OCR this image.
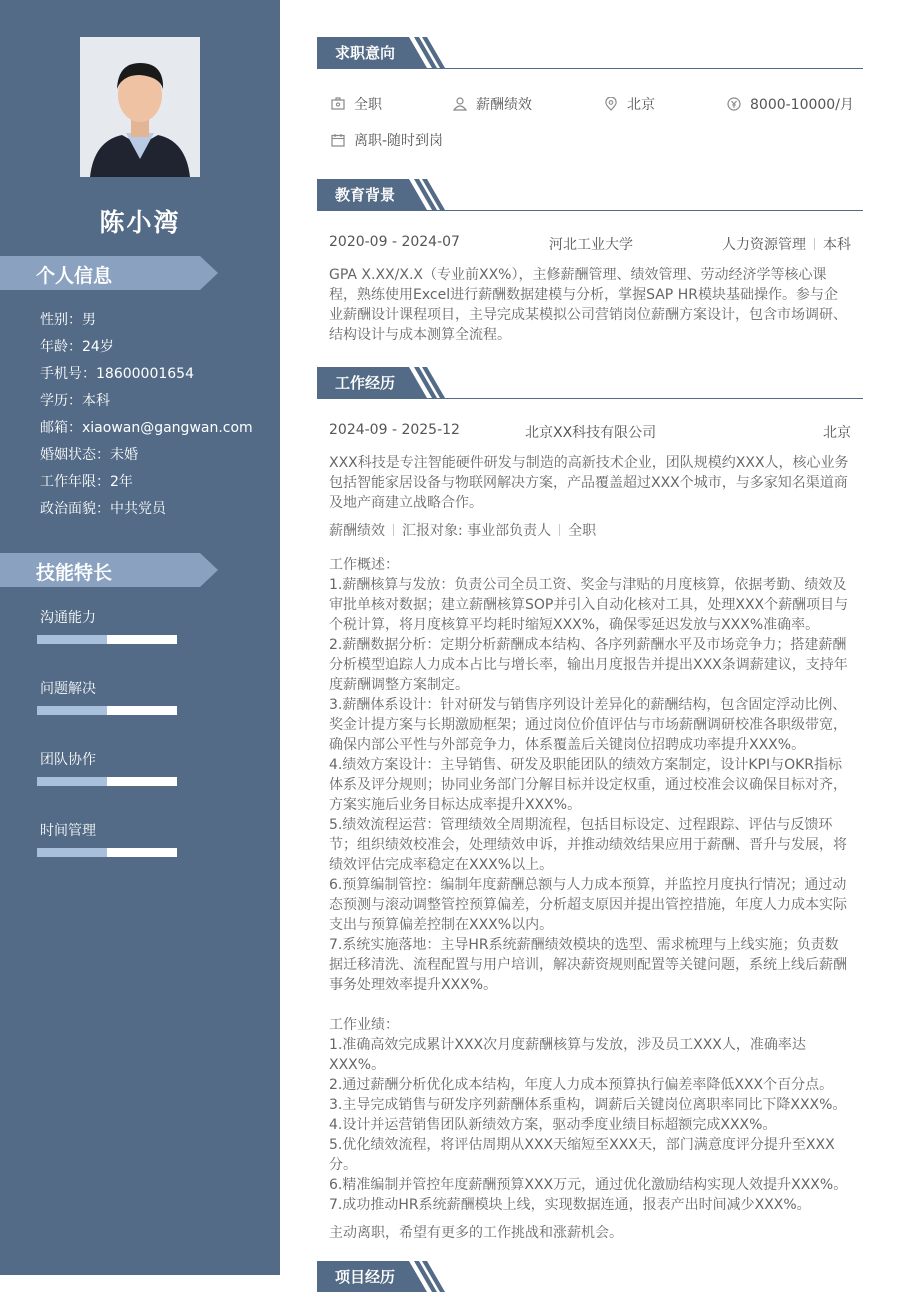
陈小湾
个人信息
性别：男
年龄：24岁
手机号：18600001654
学历：本科
邮箱：xiaowan@gangwan.com
婚姻状态：未婚
工作年限：2年
政治面貌：中共党员
技能特长
沟通能力
问题解决
团队协作
时间管理
求职意向
全职	薪酬绩效	北京	8000-10000/月
离职-随时到岗
教育背景
2020-09 - 2024-07	河北工业大学	人力资源管理 本科
GPA X.XX/X.X（专业前XX%），主修薪酬管理、绩效管理、劳动经济学等核心课程，熟练使用Excel进行薪酬数据建模与分析，掌握SAP HR模块基础操作。参与企业薪酬设计课程项目，主导完成某模拟公司营销岗位薪酬方案设计，包含市场调研、结构设计与成本测算全流程。
工作经历
2024-09 - 2025-12	北京XX科技有限公司	北京
XXX科技是专注智能硬件研发与制造的高新技术企业，团队规模约XXX人，核心业务包括智能家居设备与物联网解决方案，产品覆盖超过XXX个城市，与多家知名渠道商及地产商建立战略合作。
薪酬绩效 汇报对象: 事业部负责人 全职
工作概述：
1.薪酬核算与发放：负责公司全员工资、奖金与津贴的月度核算，依据考勤、绩效及审批单核对数据；建立薪酬核算SOP并引入自动化核对工具，处理XXX个薪酬项目与个税计算，将月度核算平均耗时缩短XXX%，确保零延迟发放与XXX%准确率。
2.薪酬数据分析：定期分析薪酬成本结构、各序列薪酬水平及市场竞争力；搭建薪酬分析模型追踪人力成本占比与增长率，输出月度报告并提出XXX条调薪建议，支持年度薪酬调整方案制定。
3.薪酬体系设计：针对研发与销售序列设计差异化的薪酬结构，包含固定浮动比例、奖金计提方案与长期激励框架；通过岗位价值评估与市场薪酬调研校准各职级带宽，确保内部公平性与外部竞争力，体系覆盖后关键岗位招聘成功率提升XXX%。
4.绩效方案设计：主导销售、研发及职能团队的绩效方案制定，设计KPI与OKR指标体系及评分规则；协同业务部门分解目标并设定权重，通过校准会议确保目标对齐，方案实施后业务目标达成率提升XXX%。
5.绩效流程运营：管理绩效全周期流程，包括目标设定、过程跟踪、评估与反馈环节；组织绩效校准会，处理绩效申诉，并推动绩效结果应用于薪酬、晋升与发展，将绩效评估完成率稳定在XXX%以上。
6.预算编制管控：编制年度薪酬总额与人力成本预算，并监控月度执行情况；通过动态预测与滚动调整管控预算偏差，分析超支原因并提出管控措施，年度人力成本实际支出与预算偏差控制在XXX%以内。
7.系统实施落地：主导HR系统薪酬绩效模块的选型、需求梳理与上线实施；负责数据迁移清洗、流程配置与用户培训，解决薪资规则配置等关键问题，系统上线后薪酬事务处理效率提升XXX%。
工作业绩：
1.准确高效完成累计XXX次月度薪酬核算与发放，涉及员工XXX人，准确率达XXX%。
2.通过薪酬分析优化成本结构，年度人力成本预算执行偏差率降低XXX个百分点。
3.主导完成销售与研发序列薪酬体系重构，调薪后关键岗位离职率同比下降XXX%。
4.设计并运营销售团队新绩效方案，驱动季度业绩目标超额完成XXX%。
5.优化绩效流程，将评估周期从XXX天缩短至XXX天，部门满意度评分提升至XXX分。
6.精准编制并管控年度薪酬预算XXX万元，通过优化激励结构实现人效提升XXX%。
7.成功推动HR系统薪酬模块上线，实现数据连通，报表产出时间减少XXX%。
主动离职，希望有更多的工作挑战和涨薪机会。
项目经历
